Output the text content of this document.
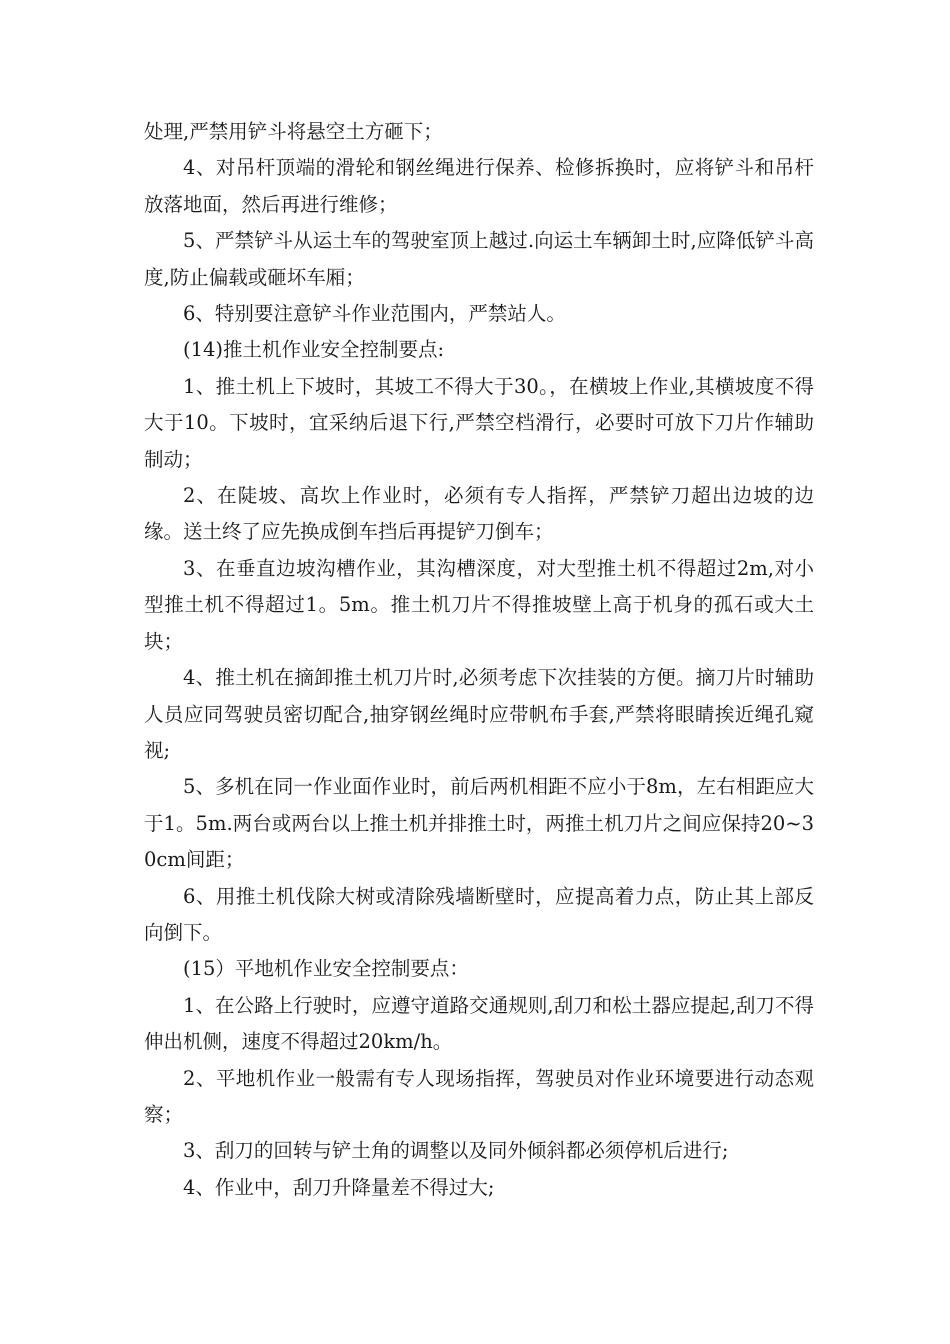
处理,严禁用铲斗将悬空土方砸下；

4、对吊杆顶端的滑轮和钢丝绳进行保养、检修拆换时，应将铲斗和吊杆放落地面，然后再进行维修；

5、严禁铲斗从运土车的驾驶室顶上越过.向运土车辆卸土时,应降低铲斗高度,防止偏载或砸坏车厢；

6、特别要注意铲斗作业范围内，严禁站人。

(14)推土机作业安全控制要点:

1、推土机上下坡时，其坡工不得大于30。，在横坡上作业,其横坡度不得大于10。下坡时，宜采纳后退下行,严禁空档滑行，必要时可放下刀片作辅助制动；

2、在陡坡、高坎上作业时，必须有专人指挥，严禁铲刀超出边坡的边缘。送土终了应先换成倒车挡后再提铲刀倒车；

3、在垂直边坡沟槽作业，其沟槽深度，对大型推土机不得超过2m,对小型推土机不得超过1。5m。推土机刀片不得推坡壁上高于机身的孤石或大土块；

4、推土机在摘卸推土机刀片时,必须考虑下次挂装的方便。摘刀片时辅助人员应同驾驶员密切配合,抽穿钢丝绳时应带帆布手套,严禁将眼睛挨近绳孔窥视;

5、多机在同一作业面作业时，前后两机相距不应小于8m，左右相距应大于1。5m.两台或两台以上推土机并排推土时，两推土机刀片之间应保持20~30cm间距；

6、用推土机伐除大树或清除残墙断壁时，应提高着力点，防止其上部反向倒下。

(15）平地机作业安全控制要点：

1、在公路上行驶时，应遵守道路交通规则,刮刀和松土器应提起,刮刀不得伸出机侧，速度不得超过20km/h。

2、平地机作业一般需有专人现场指挥，驾驶员对作业环境要进行动态观察；

3、刮刀的回转与铲土角的调整以及同外倾斜都必须停机后进行;

4、作业中，刮刀升降量差不得过大;
